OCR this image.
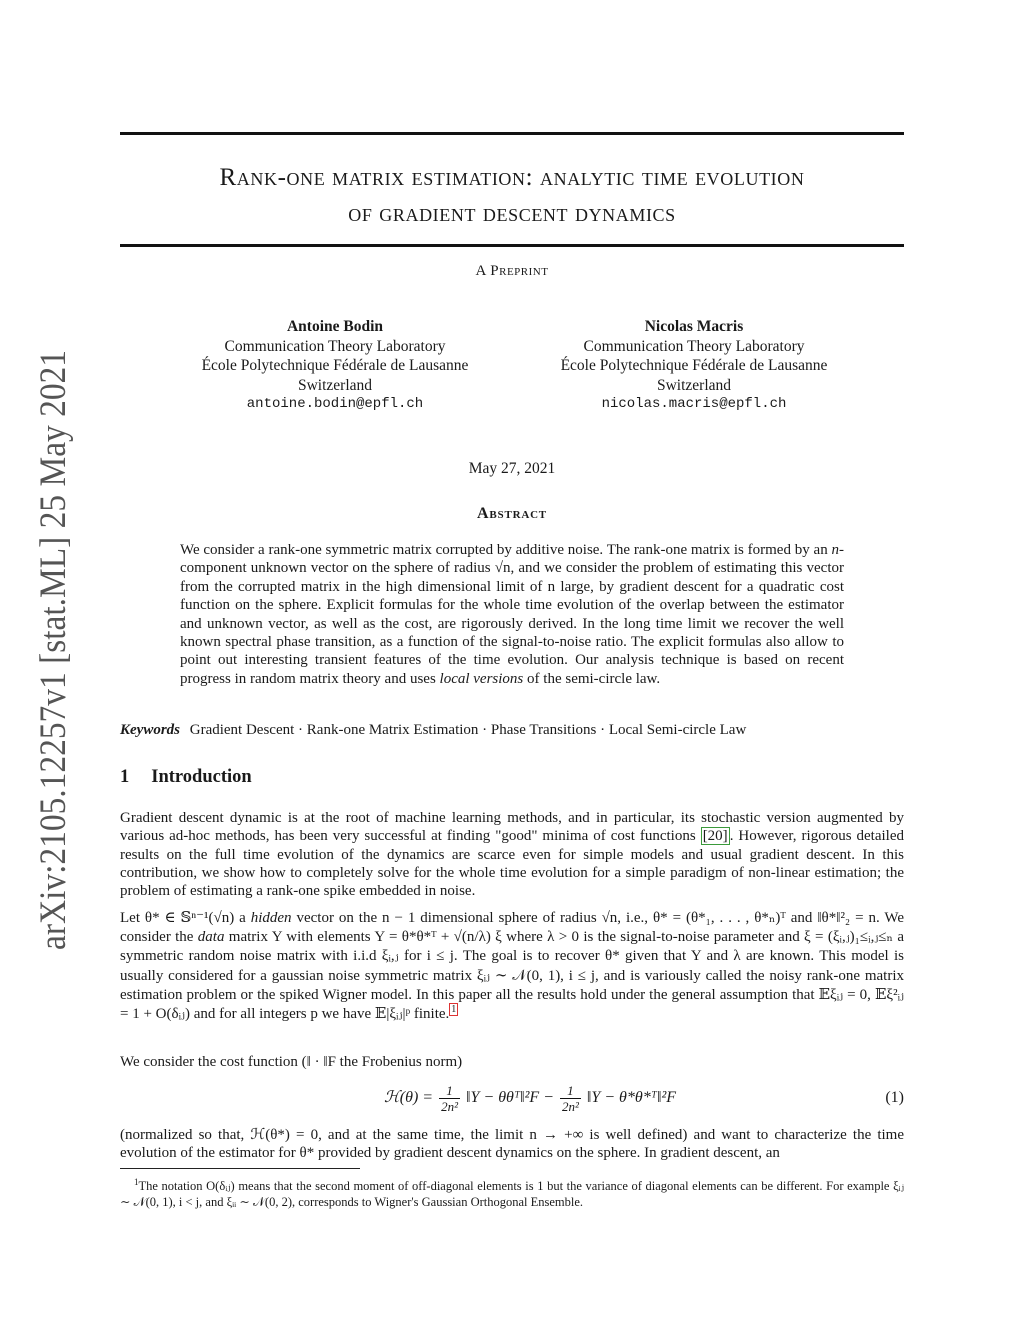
arXiv:2105.12257v1 [stat.ML] 25 May 2021
Rank-one matrix estimation: analytic time evolution
of gradient descent dynamics
A Preprint
Antoine Bodin
Communication Theory Laboratory
École Polytechnique Fédérale de Lausanne
Switzerland
antoine.bodin@epfl.ch
Nicolas Macris
Communication Theory Laboratory
École Polytechnique Fédérale de Lausanne
Switzerland
nicolas.macris@epfl.ch
May 27, 2021
Abstract
We consider a rank-one symmetric matrix corrupted by additive noise. The rank-one matrix is formed by an n-component unknown vector on the sphere of radius √n, and we consider the problem of estimating this vector from the corrupted matrix in the high dimensional limit of n large, by gradient descent for a quadratic cost function on the sphere. Explicit formulas for the whole time evolution of the overlap between the estimator and unknown vector, as well as the cost, are rigorously derived. In the long time limit we recover the well known spectral phase transition, as a function of the signal-to-noise ratio. The explicit formulas also allow to point out interesting transient features of the time evolution. Our analysis technique is based on recent progress in random matrix theory and uses local versions of the semi-circle law.
Keywords Gradient Descent · Rank-one Matrix Estimation · Phase Transitions · Local Semi-circle Law
1 Introduction
Gradient descent dynamic is at the root of machine learning methods, and in particular, its stochastic version augmented by various ad-hoc methods, has been very successful at finding "good" minima of cost functions [20] . However, rigorous detailed results on the full time evolution of the dynamics are scarce even for simple models and usual gradient descent. In this contribution, we show how to completely solve for the whole time evolution for a simple paradigm of non-linear estimation; the problem of estimating a rank-one spike embedded in noise.
Let θ* ∈ 𝕊ⁿ⁻¹(√n) a hidden vector on the n − 1 dimensional sphere of radius √n, i.e., θ* = (θ*₁, . . . , θ*ₙ)ᵀ and ‖θ*‖²₂ = n. We consider the data matrix Y with elements Y = θ*θ*ᵀ + √(n/λ) ξ where λ > 0 is the signal-to-noise parameter and ξ = (ξᵢ,ⱼ)₁≤ᵢ,ⱼ≤ₙ a symmetric random noise matrix with i.i.d ξᵢ,ⱼ for i ≤ j. The goal is to recover θ* given that Y and λ are known. This model is usually considered for a gaussian noise symmetric matrix ξᵢⱼ ∼ 𝒩(0, 1), i ≤ j, and is variously called the noisy rank-one matrix estimation problem or the spiked Wigner model. In this paper all the results hold under the general assumption that 𝔼ξᵢⱼ = 0, 𝔼ξ²ᵢⱼ = 1 + O(δᵢⱼ) and for all integers p we have 𝔼|ξᵢⱼ|ᵖ finite. $^1$
We consider the cost function (‖ · ‖F the Frobenius norm)
ℋ(θ) = $\frac{1}{\text{2n²}}$ ‖Y − θθᵀ‖²F − $\frac{1}{\text{2n²}}$ ‖Y − θ*θ*ᵀ‖²F	(1)
(normalized so that, ℋ(θ*) = 0, and at the same time, the limit n → +∞ is well defined) and want to characterize the time evolution of the estimator for θ* provided by gradient descent dynamics on the sphere. In gradient descent, an
$^1$The notation O(δᵢⱼ) means that the second moment of off-diagonal elements is 1 but the variance of diagonal elements can be different. For example ξᵢⱼ ∼ 𝒩(0, 1), i < j, and ξᵢᵢ ∼ 𝒩(0, 2), corresponds to Wigner's Gaussian Orthogonal Ensemble.
